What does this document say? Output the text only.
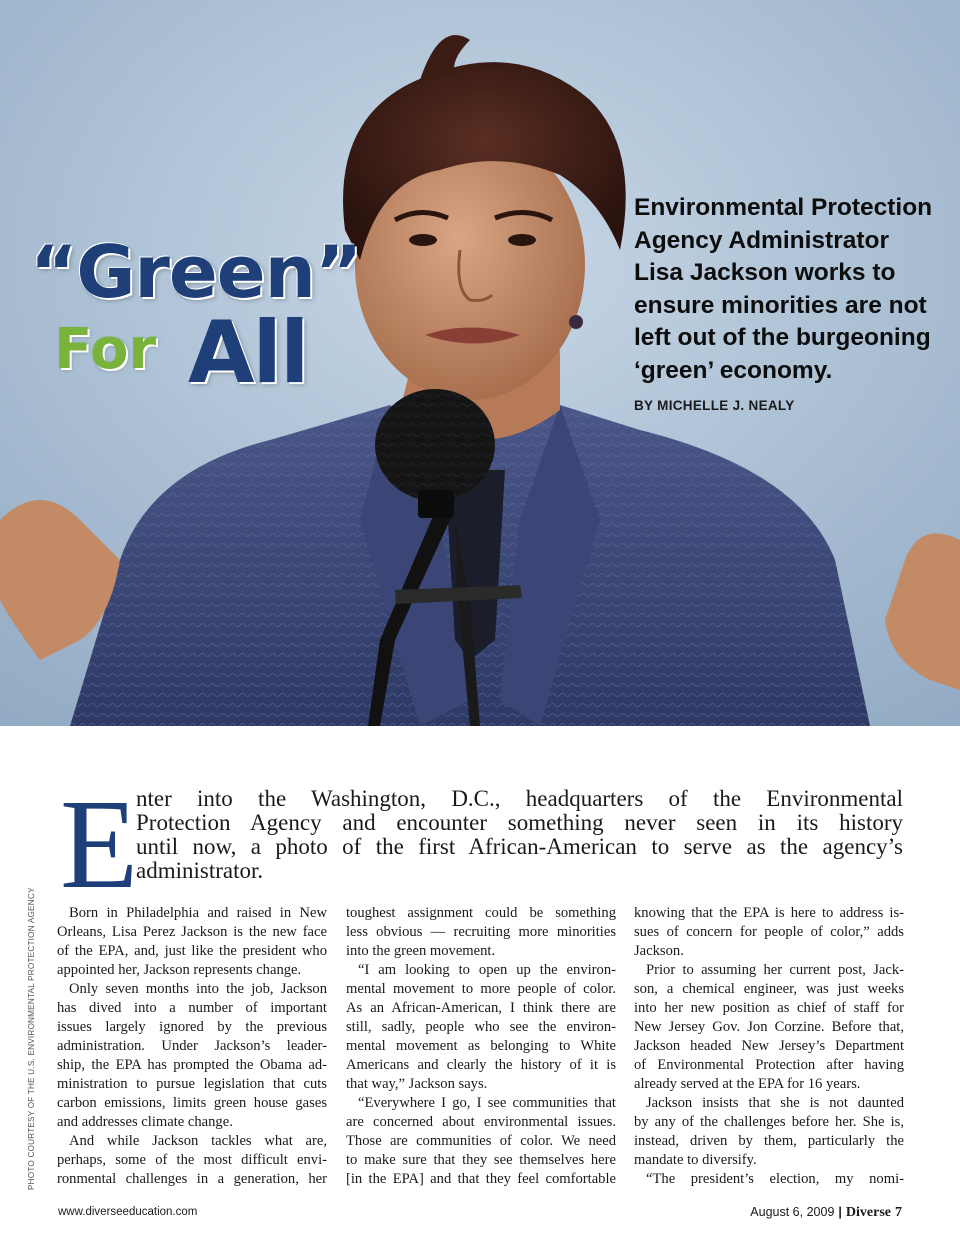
“Green”
For All
Environmental Protection Agency Administrator Lisa Jackson works to ensure minorities are not left out of the burgeoning ‘green’ economy.
BY MICHELLE J. NEALY
E
nter into the Washington, D.C., headquarters of the Environmental
Protection Agency and encounter something never seen in its history
until now, a photo of the first African-American to serve as the agency’s
administrator.
PHOTO COURTESY OF THE U.S. ENVIRONMENTAL PROTECTION AGENCY	Born in Philadelphia and raised in New
Orleans, Lisa Perez Jackson is the new face
of the EPA, and, just like the president who
appointed her, Jackson represents change.
Only seven months into the job, Jackson
has dived into a number of important
issues largely ignored by the previous
administration. Under Jackson’s leader-
ship, the EPA has prompted the Obama ad-
ministration to pursue legislation that cuts
carbon emissions, limits green house gases
and addresses climate change.
And while Jackson tackles what are,
perhaps, some of the most difficult envi-
ronmental challenges in a generation, her
toughest assignment could be something
less obvious — recruiting more minorities
into the green movement.
“I am looking to open up the environ-
mental movement to more people of color.
As an African-American, I think there are
still, sadly, people who see the environ-
mental movement as belonging to White
Americans and clearly the history of it is
that way,” Jackson says.
“Everywhere I go, I see communities that
are concerned about environmental issues.
Those are communities of color. We need
to make sure that they see themselves here
[in the EPA] and that they feel comfortable
knowing that the EPA is here to address is-
sues of concern for people of color,” adds
Jackson.
Prior to assuming her current post, Jack-
son, a chemical engineer, was just weeks
into her new position as chief of staff for
New Jersey Gov. Jon Corzine. Before that,
Jackson headed New Jersey’s Department
of Environmental Protection after having
already served at the EPA for 16 years.
Jackson insists that she is not daunted
by any of the challenges before her. She is,
instead, driven by them, particularly the
mandate to diversify.
“The president’s election, my nomi-
www.diverseeducation.com	August 6, 2009 | Diverse 7
